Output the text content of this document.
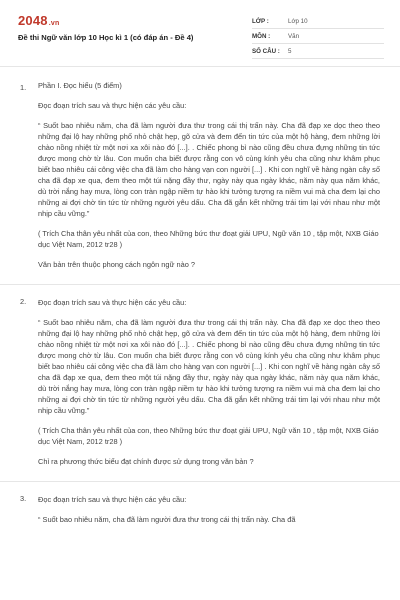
2048.vn
Đề thi Ngữ văn lớp 10 Học kì 1 (có đáp án - Đề 4)
LỚP :	Lớp 10
MÔN :	Văn
SỐ CÂU :	5
1. Phần I. Đọc hiểu (5 điểm)

Đọc đoạn trích sau và thực hiện các yêu cầu:

“ Suốt bao nhiêu năm, cha đã làm người đưa thư trong cái thị trấn này. Cha đã đạp xe dọc theo theo những đại lộ hay những phố nhỏ chật hẹp, gõ cửa và đem đến tin tức của một hộ hàng, đem những lời chào nồng nhiệt từ một nơi xa xôi nào đó [...]. . Chiếc phong bì nào cũng đều chưa đựng những tin tức được mong chờ từ lâu. Con muốn cha biết được rằng con vô cùng kính yêu cha cũng như khâm phục biết bao nhiêu cái công việc cha đã làm cho hàng vạn con người [...] . Khi con nghĩ về hàng ngàn cây số cha đã đạp xe qua, đem theo một túi nặng đầy thư, ngày này qua ngày khác, năm này qua năm khác, dù trời nắng hay mưa, lòng con tràn ngập niềm tự hào khi tưởng tượng ra niềm vui mà cha đem lại cho những ai đợi chờ tin tức từ những người yêu dấu. Cha đã gắn kết những trái tim lại với nhau như một nhịp cầu vững.”

( Trích Cha thân yêu nhất của con, theo Những bức thư đoạt giải UPU, Ngữ văn 10 , tập một, NXB Giáo dục Việt Nam, 2012 tr28 )

Văn bản trên thuộc phong cách ngôn ngữ nào ?

2. Đọc đoạn trích sau và thực hiện các yêu cầu:

“ Suốt bao nhiêu năm, cha đã làm người đưa thư trong cái thị trấn này. Cha đã đạp xe dọc theo theo những đại lộ hay những phố nhỏ chật hẹp, gõ cửa và đem đến tin tức của một hộ hàng, đem những lời chào nồng nhiệt từ một nơi xa xôi nào đó [...]. . Chiếc phong bì nào cũng đều chưa đựng những tin tức được mong chờ từ lâu. Con muốn cha biết được rằng con vô cùng kính yêu cha cũng như khâm phục biết bao nhiêu cái công việc cha đã làm cho hàng vạn con người [...] . Khi con nghĩ về hàng ngàn cây số cha đã đạp xe qua, đem theo một túi nặng đầy thư, ngày này qua ngày khác, năm này qua năm khác, dù trời nắng hay mưa, lòng con tràn ngập niềm tự hào khi tưởng tượng ra niềm vui mà cha đem lại cho những ai đợi chờ tin tức từ những người yêu dấu. Cha đã gắn kết những trái tim lại với nhau như một nhịp cầu vững.”

( Trích Cha thân yêu nhất của con, theo Những bức thư đoạt giải UPU, Ngữ văn 10 , tập một, NXB Giáo dục Việt Nam, 2012 tr28 )

Chỉ ra phương thức biểu đạt chính được sử dụng trong văn bản ?

3. Đọc đoạn trích sau và thực hiện các yêu cầu:

“ Suốt bao nhiêu năm, cha đã làm người đưa thư trong cái thị trấn này. Cha đã
